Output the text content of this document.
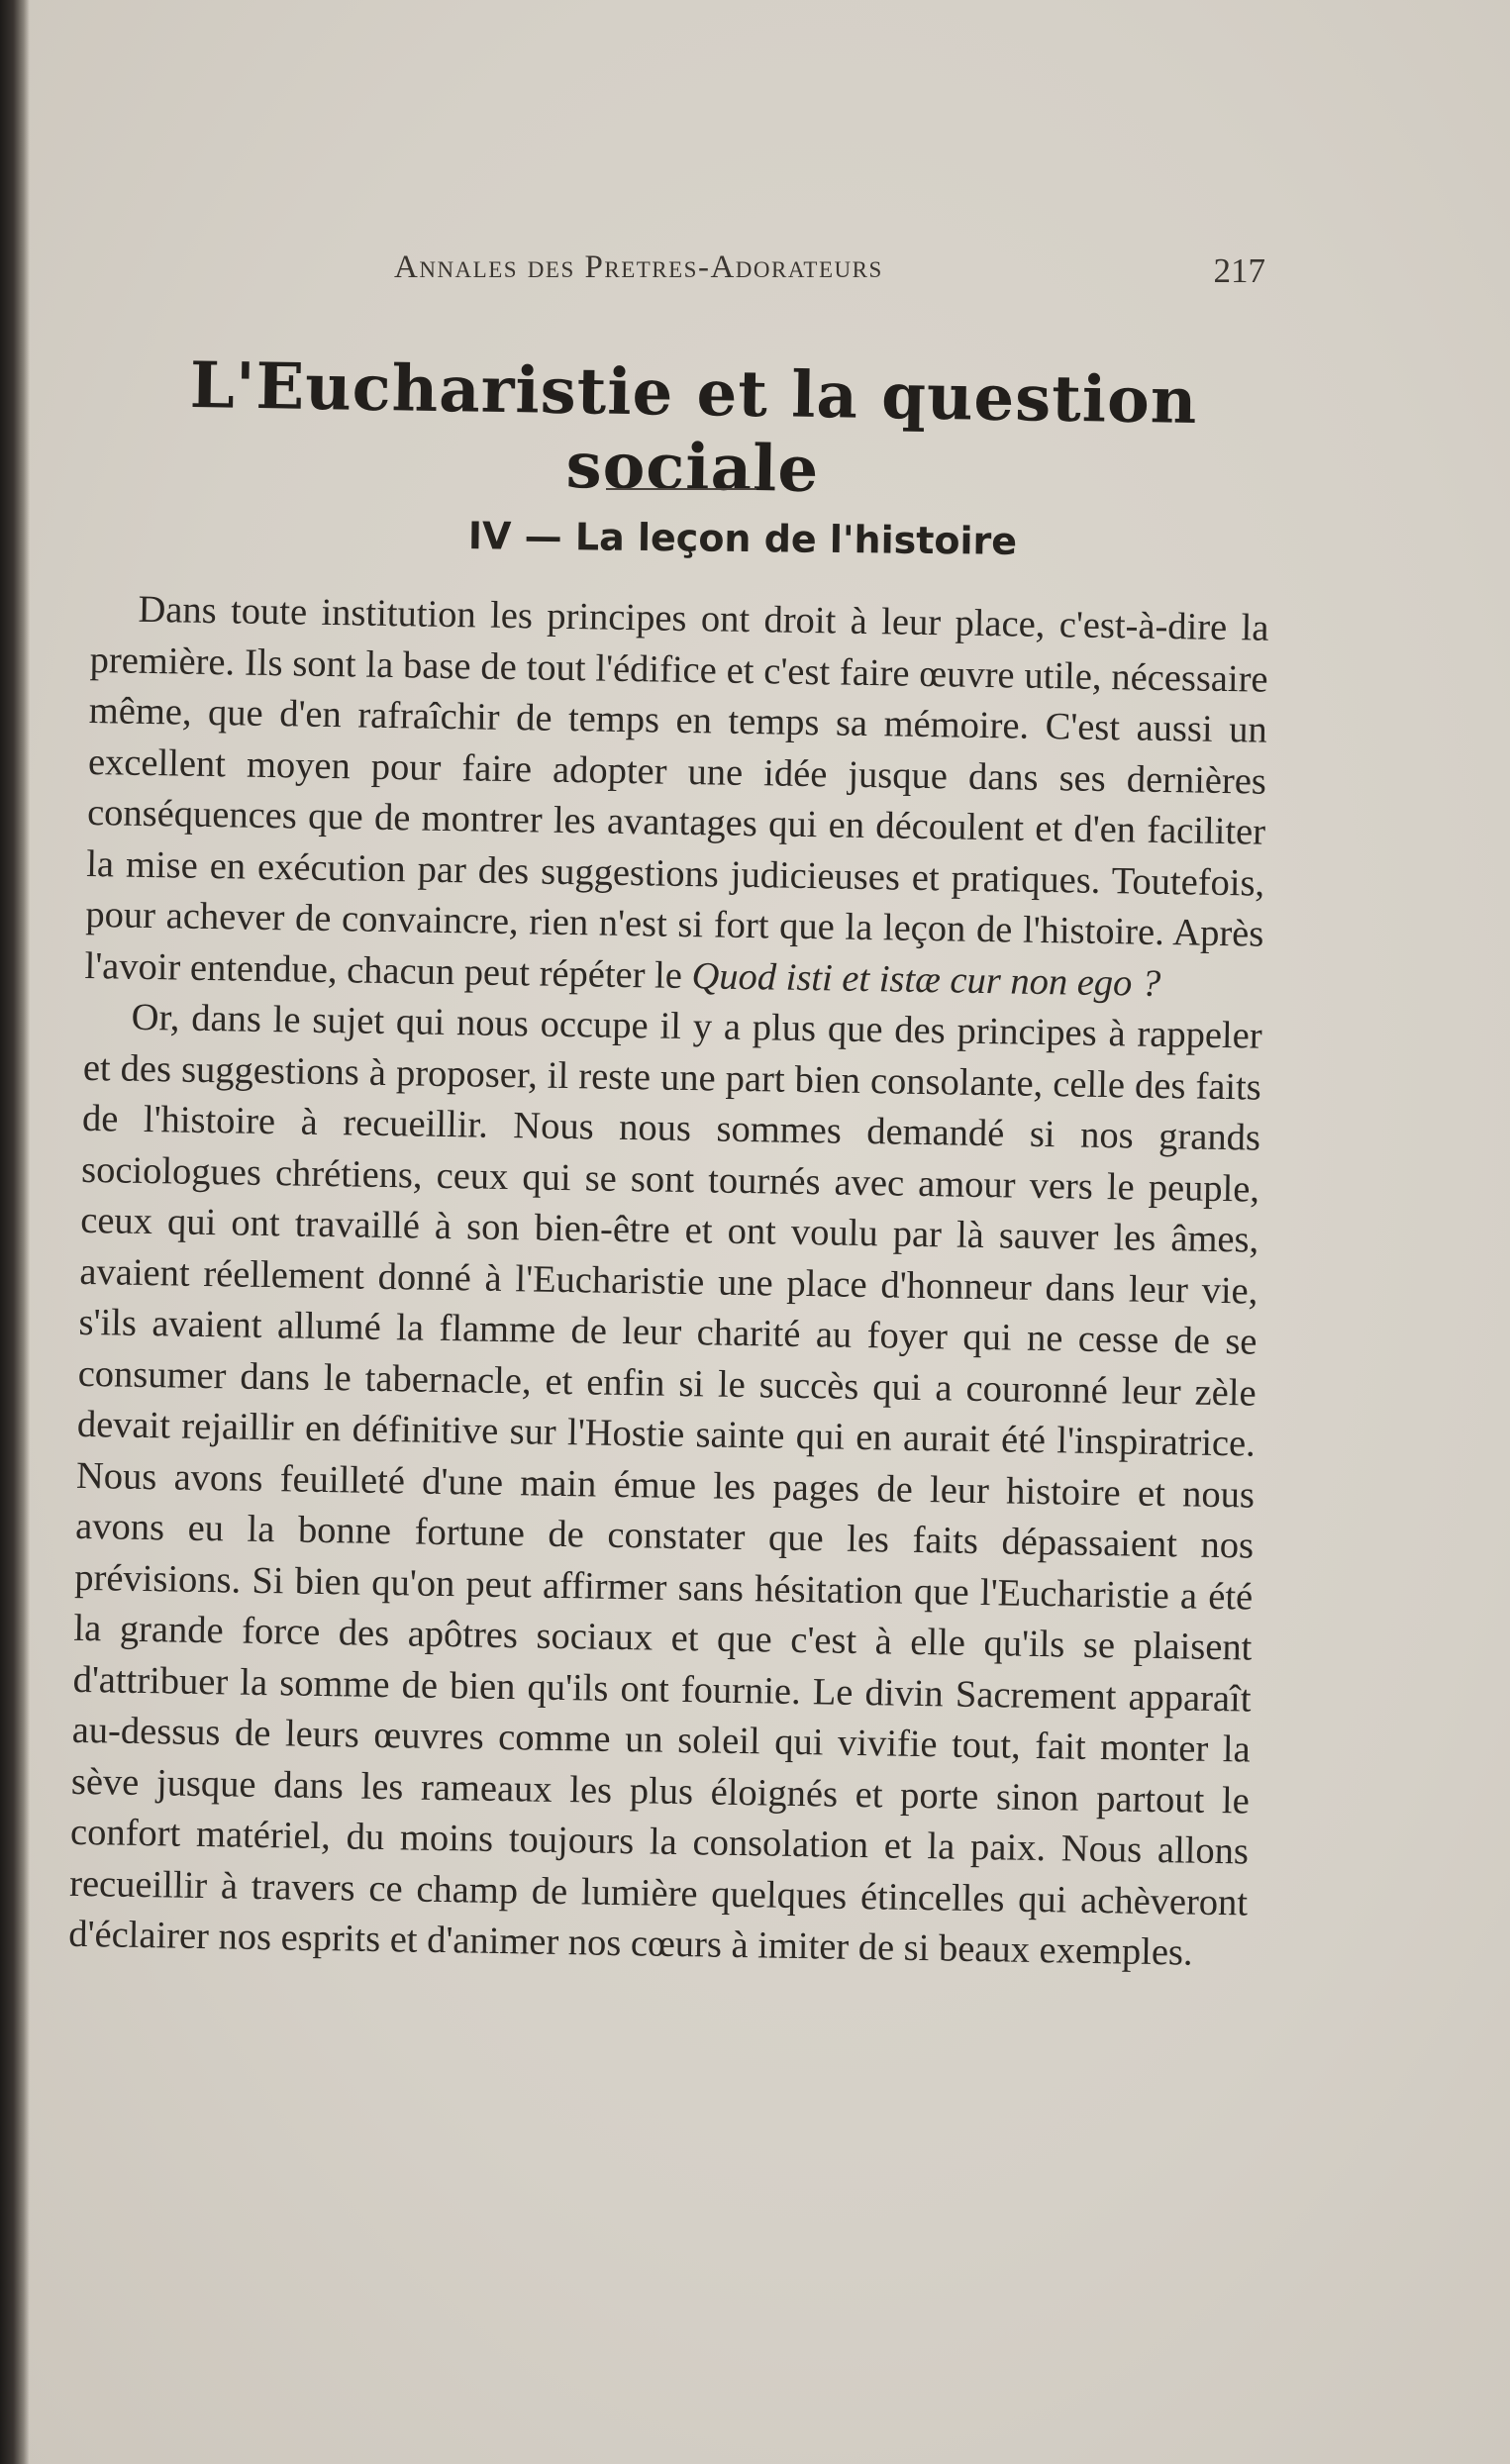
Annales des Pretres-Adorateurs	217
L'Eucharistie et la question sociale
IV — La leçon de l'histoire

Dans toute institution les principes ont droit à leur place, c'est-à-dire la première. Ils sont la base de tout l'édifice et c'est faire œuvre utile, nécessaire même, que d'en rafraîchir de temps en temps sa mémoire. C'est aussi un excellent moyen pour faire adopter une idée jusque dans ses dernières conséquences que de montrer les avantages qui en découlent et d'en faciliter la mise en exécution par des suggestions judicieuses et pratiques. Toutefois, pour achever de convaincre, rien n'est si fort que la leçon de l'histoire. Après l'avoir entendue, chacun peut répéter le Quod isti et istæ cur non ego ?

Or, dans le sujet qui nous occupe il y a plus que des principes à rappeler et des suggestions à proposer, il reste une part bien consolante, celle des faits de l'histoire à recueillir. Nous nous sommes demandé si nos grands sociologues chrétiens, ceux qui se sont tournés avec amour vers le peuple, ceux qui ont travaillé à son bien-être et ont voulu par là sauver les âmes, avaient réellement donné à l'Eucharistie une place d'honneur dans leur vie, s'ils avaient allumé la flamme de leur charité au foyer qui ne cesse de se consumer dans le tabernacle, et enfin si le succès qui a couronné leur zèle devait rejaillir en définitive sur l'Hostie sainte qui en aurait été l'inspiratrice. Nous avons feuilleté d'une main émue les pages de leur histoire et nous avons eu la bonne fortune de constater que les faits dépassaient nos prévisions. Si bien qu'on peut affirmer sans hésitation que l'Eucharistie a été la grande force des apôtres sociaux et que c'est à elle qu'ils se plaisent d'attribuer la somme de bien qu'ils ont fournie. Le divin Sacrement apparaît au-dessus de leurs œuvres comme un soleil qui vivifie tout, fait monter la sève jusque dans les rameaux les plus éloignés et porte sinon partout le confort matériel, du moins toujours la consolation et la paix. Nous allons recueillir à travers ce champ de lumière quelques étincelles qui achèveront d'éclairer nos esprits et d'animer nos cœurs à imiter de si beaux exemples.
